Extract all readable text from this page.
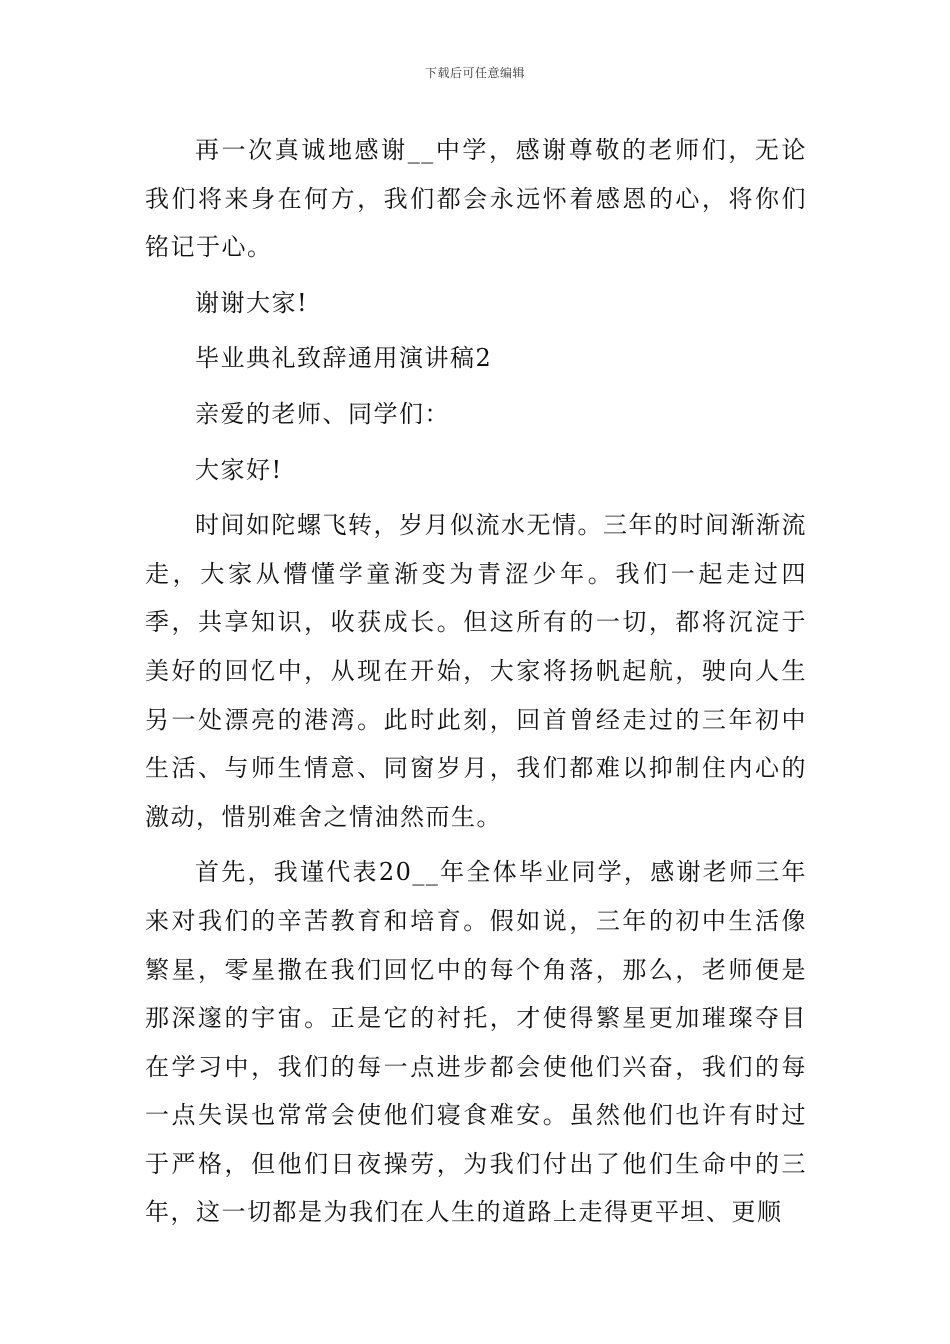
下载后可任意编辑

再一次真诚地感谢__中学，感谢尊敬的老师们，无论我们将来身在何方，我们都会永远怀着感恩的心，将你们铭记于心。

谢谢大家!

毕业典礼致辞通用演讲稿2

亲爱的老师、同学们：

大家好!

时间如陀螺飞转，岁月似流水无情。三年的时间渐渐流走，大家从懵懂学童渐变为青涩少年。我们一起走过四季，共享知识，收获成长。但这所有的一切，都将沉淀于美好的回忆中，从现在开始，大家将扬帆起航，驶向人生另一处漂亮的港湾。此时此刻，回首曾经走过的三年初中生活、与师生情意、同窗岁月，我们都难以抑制住内心的激动，惜别难舍之情油然而生。

首先，我谨代表20__年全体毕业同学，感谢老师三年来对我们的辛苦教育和培育。假如说，三年的初中生活像繁星，零星撒在我们回忆中的每个角落，那么，老师便是那深邃的宇宙。正是它的衬托，才使得繁星更加璀璨夺目在学习中，我们的每一点进步都会使他们兴奋，我们的每一点失误也常常会使他们寝食难安。虽然他们也许有时过于严格，但他们日夜操劳，为我们付出了他们生命中的三年，这一切都是为我们在人生的道路上走得更平坦、更顺
